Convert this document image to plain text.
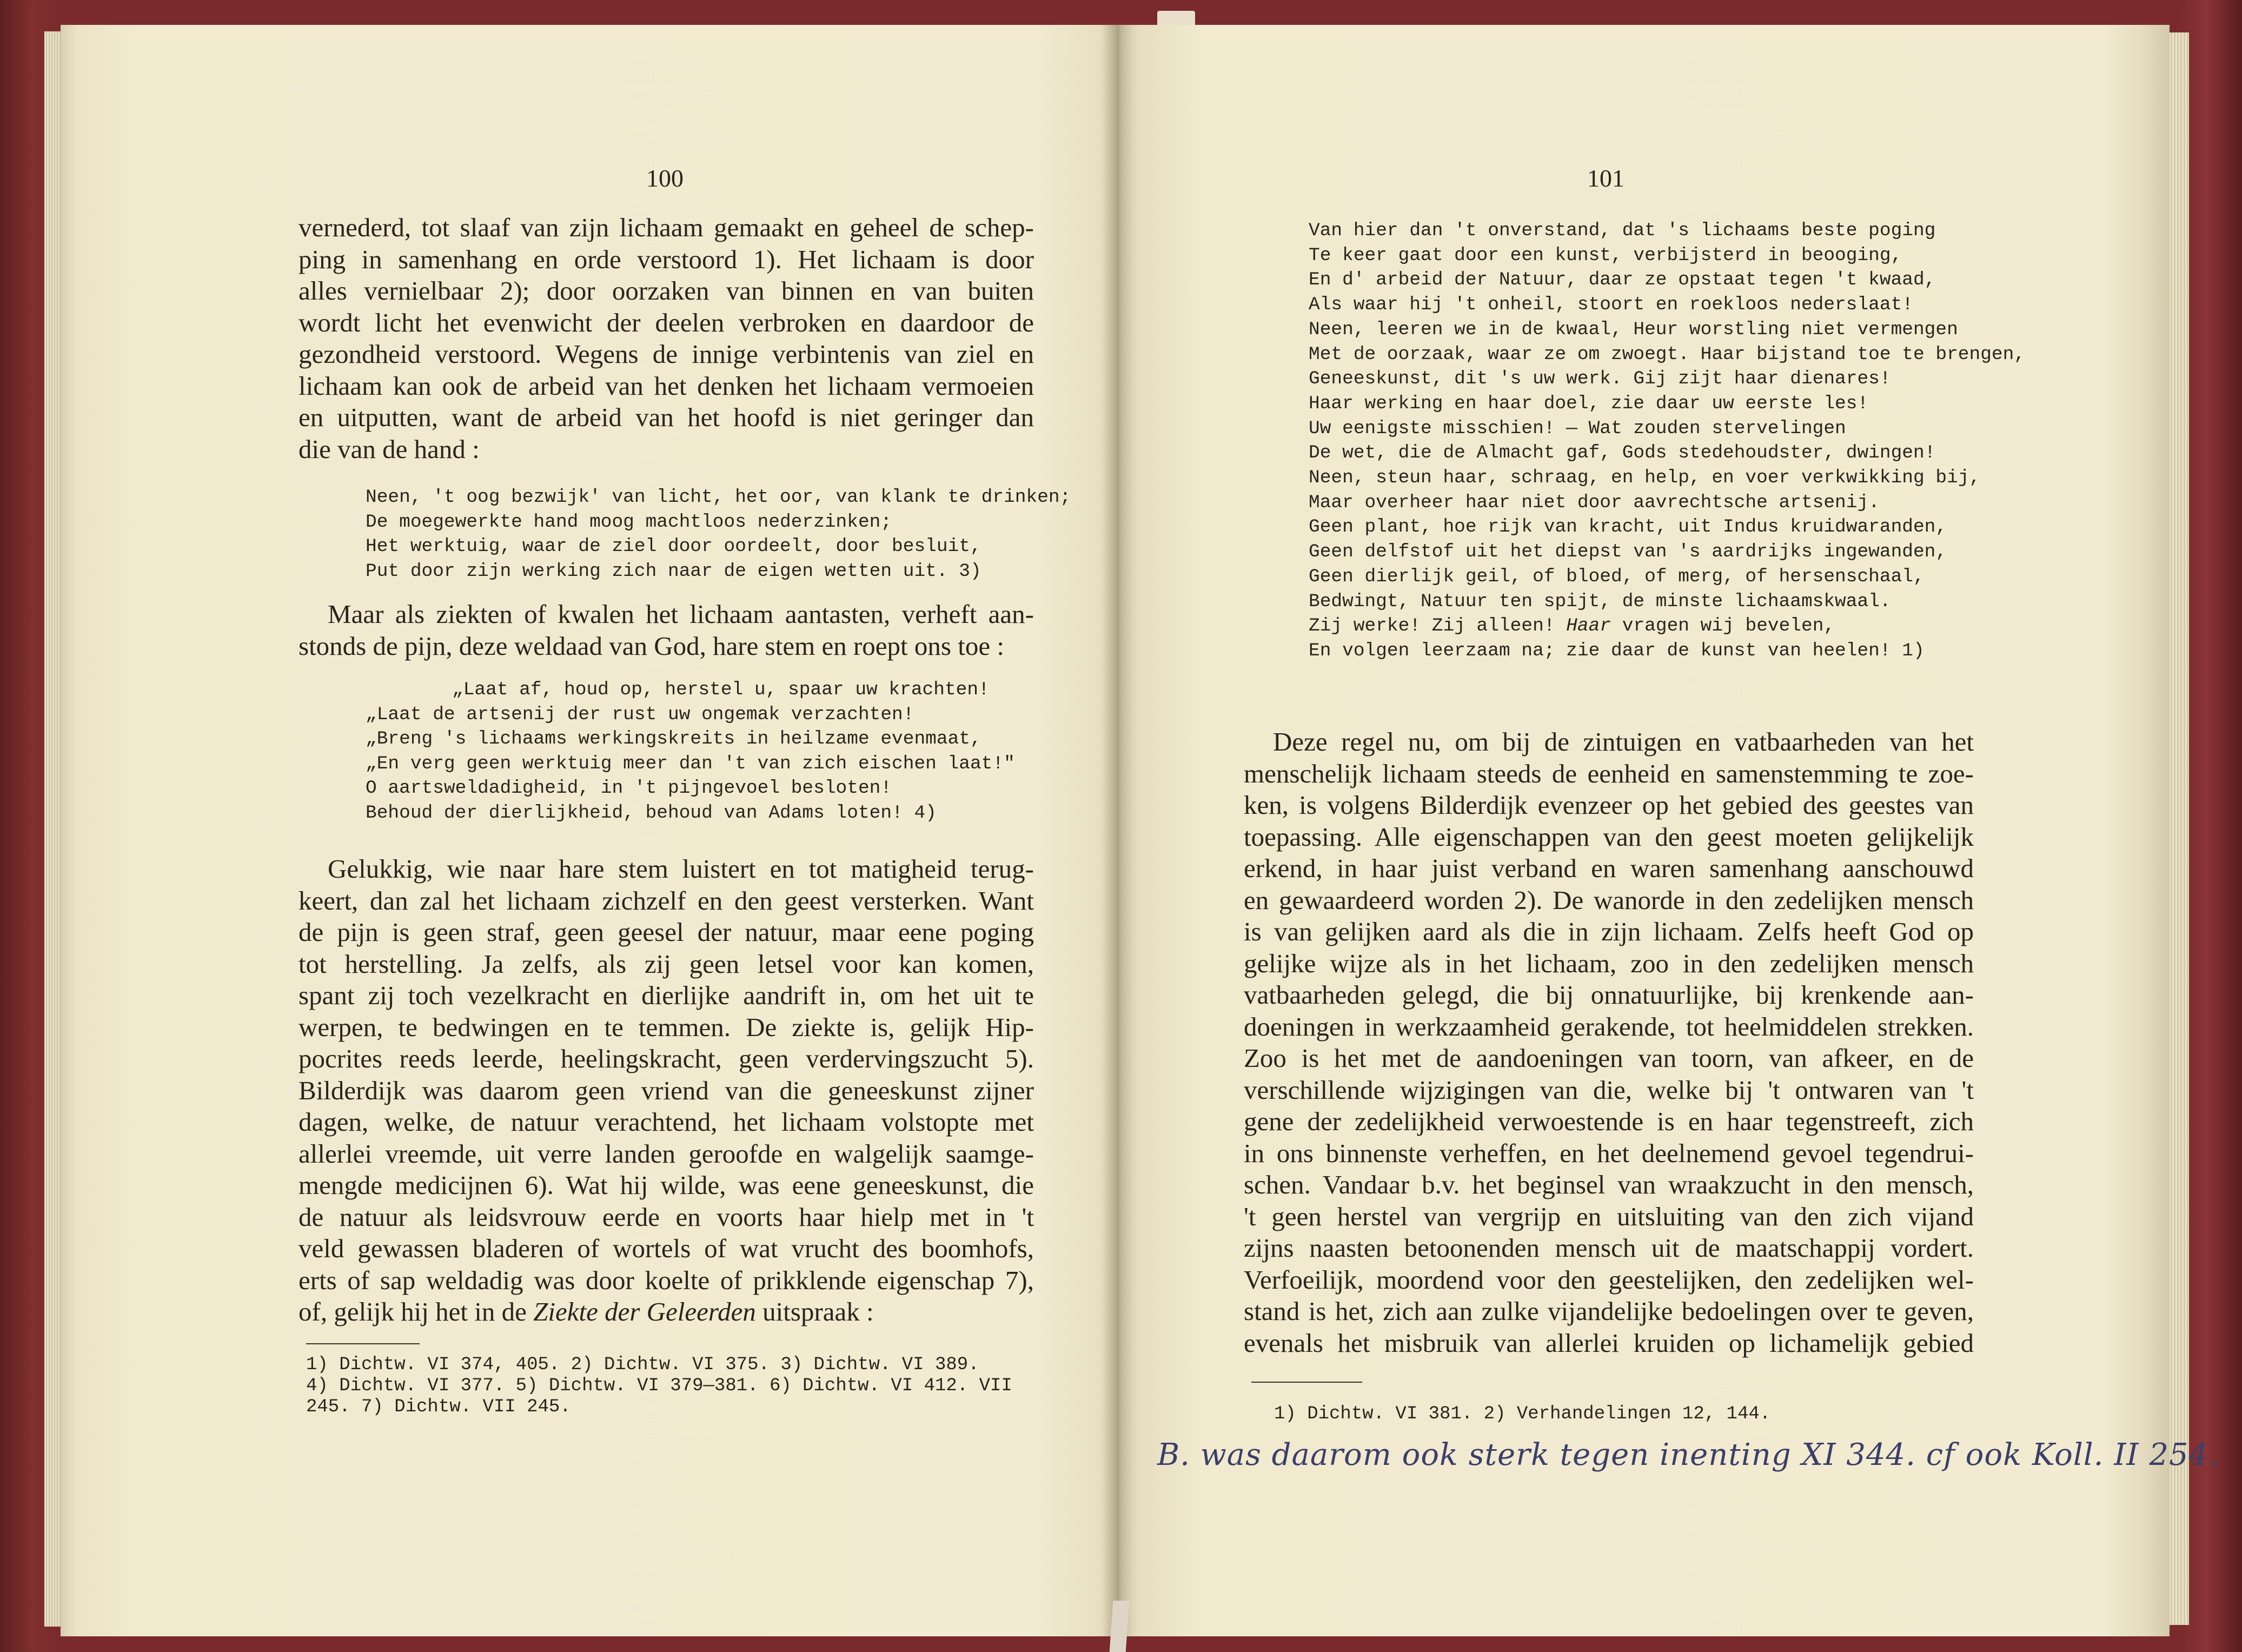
100
vernederd, tot slaaf van zijn lichaam gemaakt en geheel de schep-
ping in samenhang en orde verstoord 1). Het lichaam is door
alles vernielbaar 2); door oorzaken van binnen en van buiten
wordt licht het evenwicht der deelen verbroken en daardoor de
gezondheid verstoord. Wegens de innige verbintenis van ziel en
lichaam kan ook de arbeid van het denken het lichaam vermoeien
en uitputten, want de arbeid van het hoofd is niet geringer dan
die van de hand :
Neen, 't oog bezwijk' van licht, het oor, van klank te drinken;
De moegewerkte hand moog machtloos nederzinken;
Het werktuig, waar de ziel door oordeelt, door besluit,
Put door zijn werking zich naar de eigen wetten uit. 3)
Maar als ziekten of kwalen het lichaam aantasten, verheft aan-
stonds de pijn, deze weldaad van God, hare stem en roept ons toe :
„Laat af, houd op, herstel u, spaar uw krachten!
„Laat de artsenij der rust uw ongemak verzachten!
„Breng 's lichaams werkingskreits in heilzame evenmaat,
„En verg geen werktuig meer dan 't van zich eischen laat!"
O aartsweldadigheid, in 't pijngevoel besloten!
Behoud der dierlijkheid, behoud van Adams loten! 4)
Gelukkig, wie naar hare stem luistert en tot matigheid terug-
keert, dan zal het lichaam zichzelf en den geest versterken. Want
de pijn is geen straf, geen geesel der natuur, maar eene poging
tot herstelling. Ja zelfs, als zij geen letsel voor kan komen,
spant zij toch vezelkracht en dierlijke aandrift in, om het uit te
werpen, te bedwingen en te temmen. De ziekte is, gelijk Hip-
pocrites reeds leerde, heelingskracht, geen verdervingszucht 5).
Bilderdijk was daarom geen vriend van die geneeskunst zijner
dagen, welke, de natuur verachtend, het lichaam volstopte met
allerlei vreemde, uit verre landen geroofde en walgelijk saamge-
mengde medicijnen 6). Wat hij wilde, was eene geneeskunst, die
de natuur als leidsvrouw eerde en voorts haar hielp met in 't
veld gewassen bladeren of wortels of wat vrucht des boomhofs,
erts of sap weldadig was door koelte of prikklende eigenschap 7),
of, gelijk hij het in de Ziekte der Geleerden uitspraak :
1) Dichtw. VI 374, 405. 2) Dichtw. VI 375. 3) Dichtw. VI 389.
4) Dichtw. VI 377. 5) Dichtw. VI 379—381. 6) Dichtw. VI 412. VII
245. 7) Dichtw. VII 245.
101
Van hier dan 't onverstand, dat 's lichaams beste poging
Te keer gaat door een kunst, verbijsterd in beooging,
En d' arbeid der Natuur, daar ze opstaat tegen 't kwaad,
Als waar hij 't onheil, stoort en roekloos nederslaat!
Neen, leeren we in de kwaal, Heur worstling niet vermengen
Met de oorzaak, waar ze om zwoegt. Haar bijstand toe te brengen,
Geneeskunst, dit 's uw werk. Gij zijt haar dienares!
Haar werking en haar doel, zie daar uw eerste les!
Uw eenigste misschien! — Wat zouden stervelingen
De wet, die de Almacht gaf, Gods stedehoudster, dwingen!
Neen, steun haar, schraag, en help, en voer verkwikking bij,
Maar overheer haar niet door aavrechtsche artsenij.
Geen plant, hoe rijk van kracht, uit Indus kruidwaranden,
Geen delfstof uit het diepst van 's aardrijks ingewanden,
Geen dierlijk geil, of bloed, of merg, of hersenschaal,
Bedwingt, Natuur ten spijt, de minste lichaamskwaal.
Zij werke! Zij alleen! Haar vragen wij bevelen,
En volgen leerzaam na; zie daar de kunst van heelen! 1)
Deze regel nu, om bij de zintuigen en vatbaarheden van het
menschelijk lichaam steeds de eenheid en samenstemming te zoe-
ken, is volgens Bilderdijk evenzeer op het gebied des geestes van
toepassing. Alle eigenschappen van den geest moeten gelijkelijk
erkend, in haar juist verband en waren samenhang aanschouwd
en gewaardeerd worden 2). De wanorde in den zedelijken mensch
is van gelijken aard als die in zijn lichaam. Zelfs heeft God op
gelijke wijze als in het lichaam, zoo in den zedelijken mensch
vatbaarheden gelegd, die bij onnatuurlijke, bij krenkende aan-
doeningen in werkzaamheid gerakende, tot heelmiddelen strekken.
Zoo is het met de aandoeningen van toorn, van afkeer, en de
verschillende wijzigingen van die, welke bij 't ontwaren van 't
gene der zedelijkheid verwoestende is en haar tegenstreeft, zich
in ons binnenste verheffen, en het deelnemend gevoel tegendrui-
schen. Vandaar b.v. het beginsel van wraakzucht in den mensch,
't geen herstel van vergrijp en uitsluiting van den zich vijand
zijns naasten betoonenden mensch uit de maatschappij vordert.
Verfoeilijk, moordend voor den geestelijken, den zedelijken wel-
stand is het, zich aan zulke vijandelijke bedoelingen over te geven,
evenals het misbruik van allerlei kruiden op lichamelijk gebied
1) Dichtw. VI 381. 2) Verhandelingen 12, 144.
B. was daarom ook sterk tegen inenting XI 344. cf ook Koll. II 254.
